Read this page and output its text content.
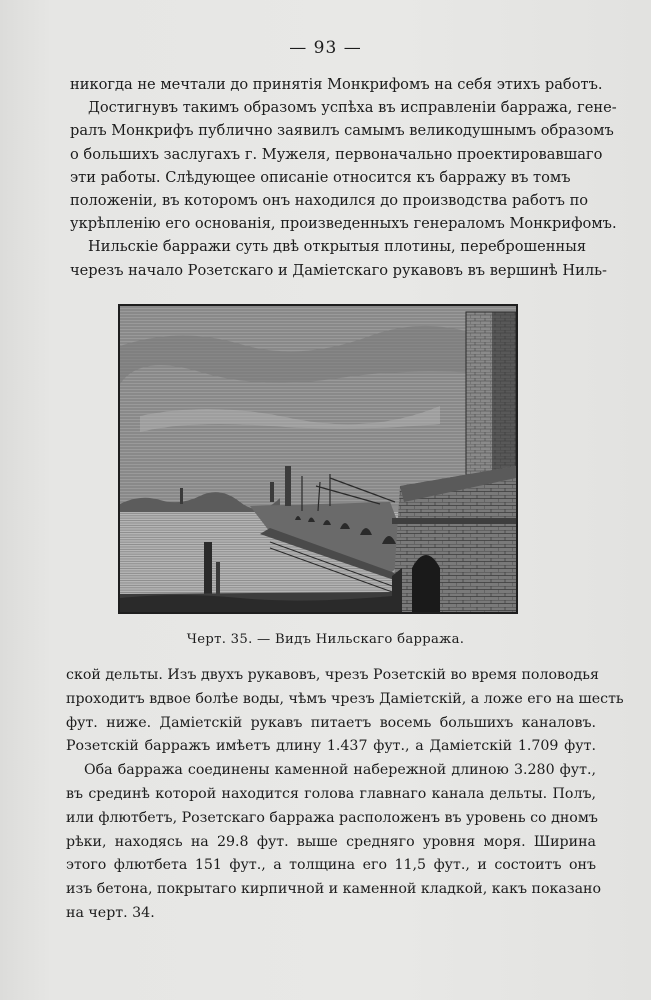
— 93 —
никогда не мечтали до принятія Монкрифомъ на себя этихъ работъ.
Достигнувъ такимъ образомъ успѣха въ исправленіи барража, гене-
ралъ Монкрифъ публично заявилъ самымъ великодушнымъ образомъ
о большихъ заслугахъ г. Мужеля, первоначально проектировавшаго
эти работы. Слѣдующее описаніе относится къ барражу въ томъ
положеніи, въ которомъ онъ находился до производства работъ по
укрѣпленію его основанія, произведенныхъ генераломъ Монкрифомъ.
Нильскіе барражи суть двѣ открытыя плотины, переброшенныя
черезъ начало Розетскаго и Даміетскаго рукавовъ въ вершинѣ Ниль-
Черт. 35. — Видъ Нильскаго барража.
ской дельты. Изъ двухъ рукавовъ, чрезъ Розетскій во время половодья
проходитъ вдвое болѣе воды, чѣмъ чрезъ Даміетскій, а ложе его на шесть
фут. ниже. Даміетскій рукавъ питаетъ восемь большихъ каналовъ.
Розетскій барражъ имѣетъ длину 1.437 фут., а Даміетскій 1.709 фут.
Оба барража соединены каменной набережной длиною 3.280 фут.,
въ срединѣ которой находится голова главнаго канала дельты. Полъ,
или флютбетъ, Розетскаго барража расположенъ въ уровень со дномъ
рѣки, находясь на 29.8 фут. выше средняго уровня моря. Ширина
этого флютбета 151 фут., а толщина его 11,5 фут., и состоитъ онъ
изъ бетона, покрытаго кирпичной и каменной кладкой, какъ показано
на черт. 34.
